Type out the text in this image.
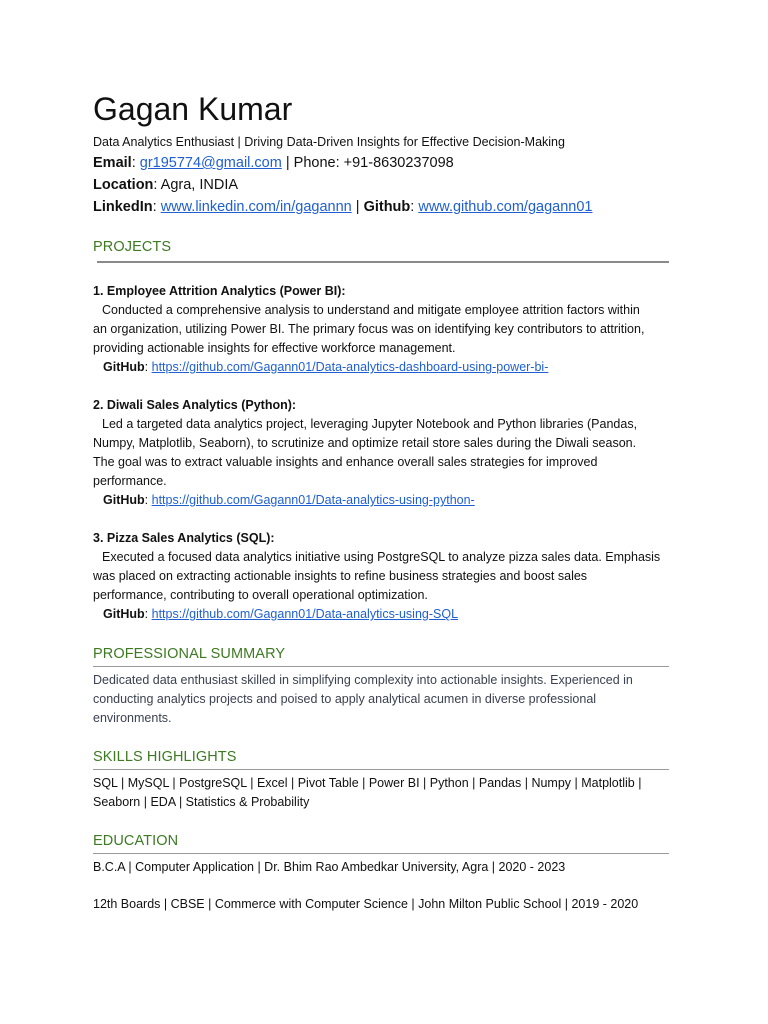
Gagan Kumar
Data Analytics Enthusiast | Driving Data-Driven Insights for Effective Decision-Making
Email: gr195774@gmail.com | Phone: +91-8630237098
Location: Agra, INDIA
LinkedIn: www.linkedin.com/in/gagannn | Github: www.github.com/gagann01
PROJECTS
1. Employee Attrition Analytics (Power BI):
Conducted a comprehensive analysis to understand and mitigate employee attrition factors within
an organization, utilizing Power BI. The primary focus was on identifying key contributors to attrition,
providing actionable insights for effective workforce management.
GitHub: https://github.com/Gagann01/Data-analytics-dashboard-using-power-bi-
2. Diwali Sales Analytics (Python):
Led a targeted data analytics project, leveraging Jupyter Notebook and Python libraries (Pandas,
Numpy, Matplotlib, Seaborn), to scrutinize and optimize retail store sales during the Diwali season.
The goal was to extract valuable insights and enhance overall sales strategies for improved
performance.
GitHub: https://github.com/Gagann01/Data-analytics-using-python-
3. Pizza Sales Analytics (SQL):
Executed a focused data analytics initiative using PostgreSQL to analyze pizza sales data. Emphasis
was placed on extracting actionable insights to refine business strategies and boost sales
performance, contributing to overall operational optimization.
GitHub: https://github.com/Gagann01/Data-analytics-using-SQL
PROFESSIONAL SUMMARY
Dedicated data enthusiast skilled in simplifying complexity into actionable insights. Experienced in
conducting analytics projects and poised to apply analytical acumen in diverse professional
environments.
SKILLS HIGHLIGHTS
SQL | MySQL | PostgreSQL | Excel | Pivot Table | Power BI | Python | Pandas | Numpy | Matplotlib |
Seaborn | EDA | Statistics & Probability
EDUCATION
B.C.A | Computer Application | Dr. Bhim Rao Ambedkar University, Agra | 2020 - 2023
12th Boards | CBSE | Commerce with Computer Science | John Milton Public School | 2019 - 2020
